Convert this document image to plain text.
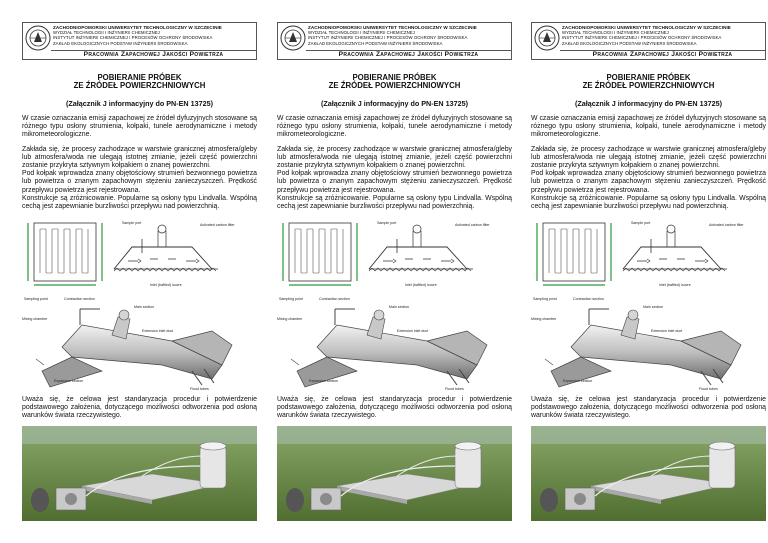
ZACHODNIOPOMORSKI UNIWERSYTET TECHNOLOGICZNY W SZCZECINIE
WYDZIAŁ TECHNOLOGII I INŻYNIERII CHEMICZNEJ
INSTYTUT INŻYNIERII CHEMICZNEJ I PROCESÓW OCHRONY ŚRODOWISKA
ZAKŁAD EKOLOGICZNYCH PODSTAW INŻYNIERII ŚRODOWISKA
Pracownia Zapachowej Jakości Powietrza
POBIERANIE PRÓBEK
ZE ŹRÓDEŁ POWIERZCHNIOWYCH
(Załącznik J informacyjny do PN-EN 13725)
W czasie oznaczania emisji zapachowej ze źródeł dyfuzyjnych stosowane są różnego typu osłony strumienia, kołpaki, tunele aerodynamiczne i metody mikrometeorologiczne.
Zakłada się, że procesy zachodzące w warstwie granicznej atmosfera/gleby lub atmosfera/woda nie ulegają istotnej zmianie, jeżeli część powierzchni zostanie przykryta sztywnym kołpakiem o znanej powierzchni.
Pod kołpak wprowadza znany objętościowy strumień bezwonnego powietrza lub powietrza o znanym zapachowym stężeniu zanieczyszczeń. Prędkość przepływu powietrza jest rejestrowana.
Konstrukcje są zróżnicowanie. Popularne są osłony typu Lindvalla. Wspólną cechą jest zapewnianie burzliwości przepływu nad powierzchnią.
Sample port	Activated carbon filter
Inlet (baffled) louvre
Sampling point	Contraction section
Main section
Mixing chamber
Extension inlet duct
Expansion section
Flood tubes
Uważa się, że celowa jest standaryzacja procedur i potwierdzenie podstawowego założenia, dotyczącego możliwości odtworzenia pod osłoną warunków świata rzeczywistego.
ZACHODNIOPOMORSKI UNIWERSYTET TECHNOLOGICZNY W SZCZECINIE
WYDZIAŁ TECHNOLOGII I INŻYNIERII CHEMICZNEJ
INSTYTUT INŻYNIERII CHEMICZNEJ I PROCESÓW OCHRONY ŚRODOWISKA
ZAKŁAD EKOLOGICZNYCH PODSTAW INŻYNIERII ŚRODOWISKA
Pracownia Zapachowej Jakości Powietrza
POBIERANIE PRÓBEK
ZE ŹRÓDEŁ POWIERZCHNIOWYCH
(Załącznik J informacyjny do PN-EN 13725)
W czasie oznaczania emisji zapachowej ze źródeł dyfuzyjnych stosowane są różnego typu osłony strumienia, kołpaki, tunele aerodynamiczne i metody mikrometeorologiczne.
Zakłada się, że procesy zachodzące w warstwie granicznej atmosfera/gleby lub atmosfera/woda nie ulegają istotnej zmianie, jeżeli część powierzchni zostanie przykryta sztywnym kołpakiem o znanej powierzchni.
Pod kołpak wprowadza znany objętościowy strumień bezwonnego powietrza lub powietrza o znanym zapachowym stężeniu zanieczyszczeń. Prędkość przepływu powietrza jest rejestrowana.
Konstrukcje są zróżnicowanie. Popularne są osłony typu Lindvalla. Wspólną cechą jest zapewnianie burzliwości przepływu nad powierzchnią.
Sample port	Activated carbon filter
Inlet (baffled) louvre
Sampling point	Contraction section
Main section
Mixing chamber
Extension inlet duct
Expansion section
Flood tubes
Uważa się, że celowa jest standaryzacja procedur i potwierdzenie podstawowego założenia, dotyczącego możliwości odtworzenia pod osłoną warunków świata rzeczywistego.
ZACHODNIOPOMORSKI UNIWERSYTET TECHNOLOGICZNY W SZCZECINIE
WYDZIAŁ TECHNOLOGII I INŻYNIERII CHEMICZNEJ
INSTYTUT INŻYNIERII CHEMICZNEJ I PROCESÓW OCHRONY ŚRODOWISKA
ZAKŁAD EKOLOGICZNYCH PODSTAW INŻYNIERII ŚRODOWISKA
Pracownia Zapachowej Jakości Powietrza
POBIERANIE PRÓBEK
ZE ŹRÓDEŁ POWIERZCHNIOWYCH
(Załącznik J informacyjny do PN-EN 13725)
W czasie oznaczania emisji zapachowej ze źródeł dyfuzyjnych stosowane są różnego typu osłony strumienia, kołpaki, tunele aerodynamiczne i metody mikrometeorologiczne.
Zakłada się, że procesy zachodzące w warstwie granicznej atmosfera/gleby lub atmosfera/woda nie ulegają istotnej zmianie, jeżeli część powierzchni zostanie przykryta sztywnym kołpakiem o znanej powierzchni.
Pod kołpak wprowadza znany objętościowy strumień bezwonnego powietrza lub powietrza o znanym zapachowym stężeniu zanieczyszczeń. Prędkość przepływu powietrza jest rejestrowana.
Konstrukcje są zróżnicowanie. Popularne są osłony typu Lindvalla. Wspólną cechą jest zapewnianie burzliwości przepływu nad powierzchnią.
Sample port	Activated carbon filter
Inlet (baffled) louvre
Sampling point	Contraction section
Main section
Mixing chamber
Extension inlet duct
Expansion section
Flood tubes
Uważa się, że celowa jest standaryzacja procedur i potwierdzenie podstawowego założenia, dotyczącego możliwości odtworzenia pod osłoną warunków świata rzeczywistego.
